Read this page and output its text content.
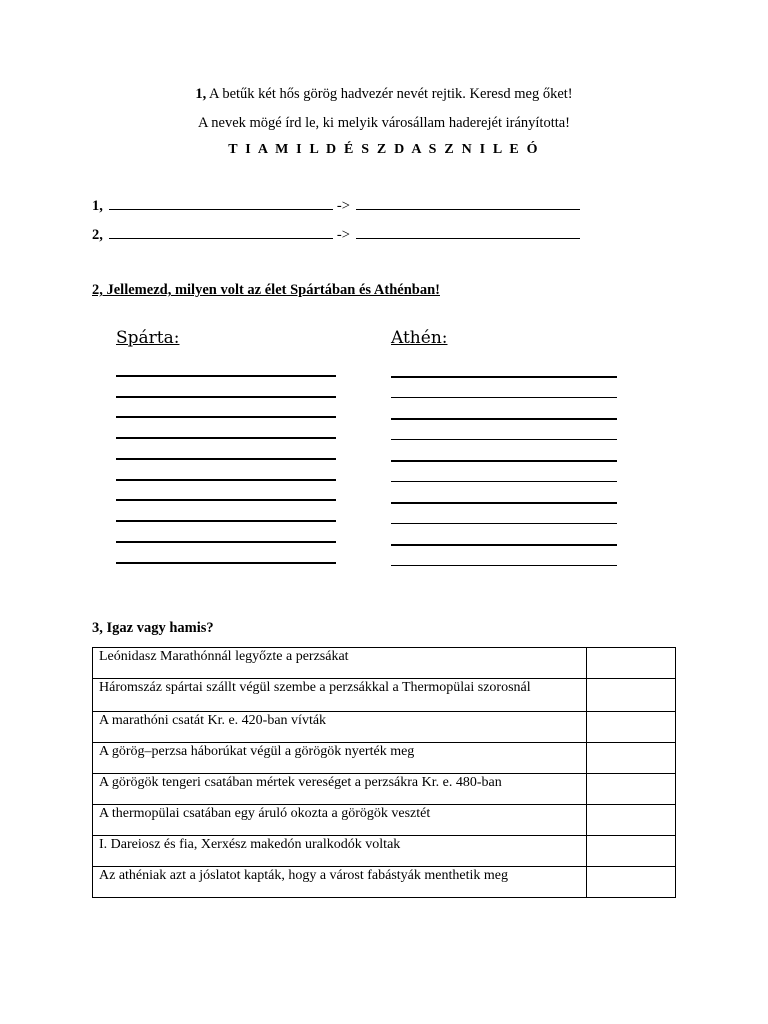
1, A betűk két hős görög hadvezér nevét rejtik. Keresd meg őket!
A nevek mögé írd le, ki melyik városállam haderejét irányította!
T I A M I L D É S Z D A S Z N I L E Ó
1,	->
2,	->
2, Jellemezd, milyen volt az élet Spártában és Athénban!
Spárta:	Athén:
3, Igaz vagy hamis?
Leónidasz Marathónnál legyőzte a perzsákat	
Háromszáz spártai szállt végül szembe a perzsákkal a Thermopülai szorosnál	
A marathóni csatát Kr. e. 420-ban vívták	
A görög–perzsa háborúkat végül a görögök nyerték meg	
A görögök tengeri csatában mértek vereséget a perzsákra Kr. e. 480-ban	
A thermopülai csatában egy áruló okozta a görögök vesztét	
I. Dareiosz és fia, Xerxész makedón uralkodók voltak	
Az athéniak azt a jóslatot kapták, hogy a várost fabástyák menthetik meg	
